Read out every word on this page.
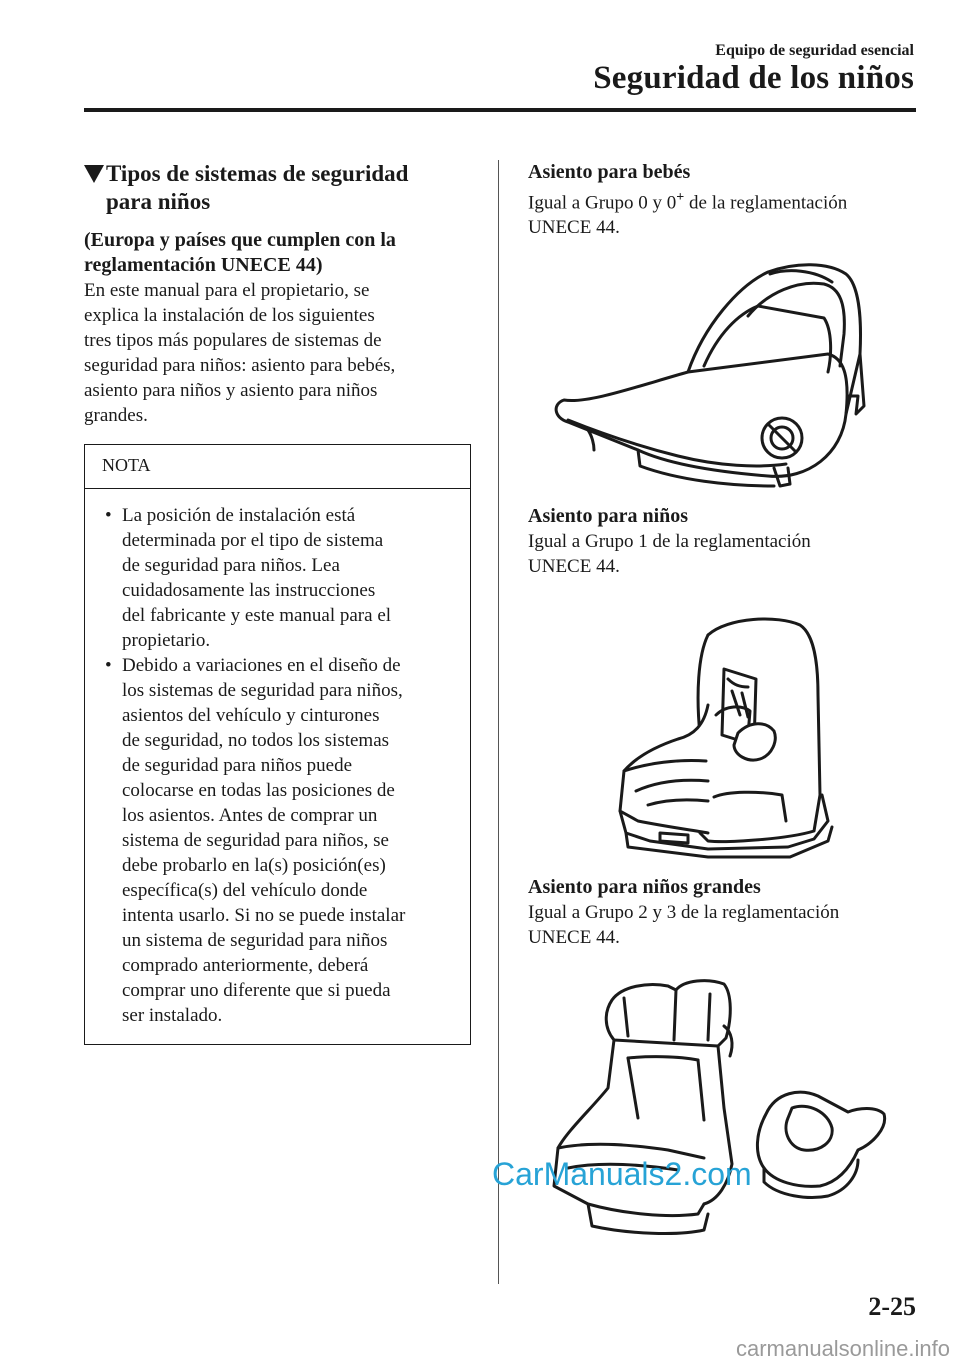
Equipo de seguridad esencial
Seguridad de los niños
Tipos de sistemas de seguridad
para niños
(Europa y países que cumplen con la
reglamentación UNECE 44)
En este manual para el propietario, se
explica la instalación de los siguientes
tres tipos más populares de sistemas de
seguridad para niños: asiento para bebés,
asiento para niños y asiento para niños
grandes.
NOTA
• La posición de instalación está
determinada por el tipo de sistema
de seguridad para niños. Lea
cuidadosamente las instrucciones
del fabricante y este manual para el
propietario.
• Debido a variaciones en el diseño de
los sistemas de seguridad para niños,
asientos del vehículo y cinturones
de seguridad, no todos los sistemas
de seguridad para niños puede
colocarse en todas las posiciones de
los asientos. Antes de comprar un
sistema de seguridad para niños, se
debe probarlo en la(s) posición(es)
específica(s) del vehículo donde
intenta usarlo. Si no se puede instalar
un sistema de seguridad para niños
comprado anteriormente, deberá
comprar uno diferente que si pueda
ser instalado.
Asiento para bebés
Igual a Grupo 0 y 0+ de la reglamentación
UNECE 44.
Asiento para niños
Igual a Grupo 1 de la reglamentación
UNECE 44.
Asiento para niños grandes
Igual a Grupo 2 y 3 de la reglamentación
UNECE 44.
2-25
CarManuals2.com
carmanualsonline.info
